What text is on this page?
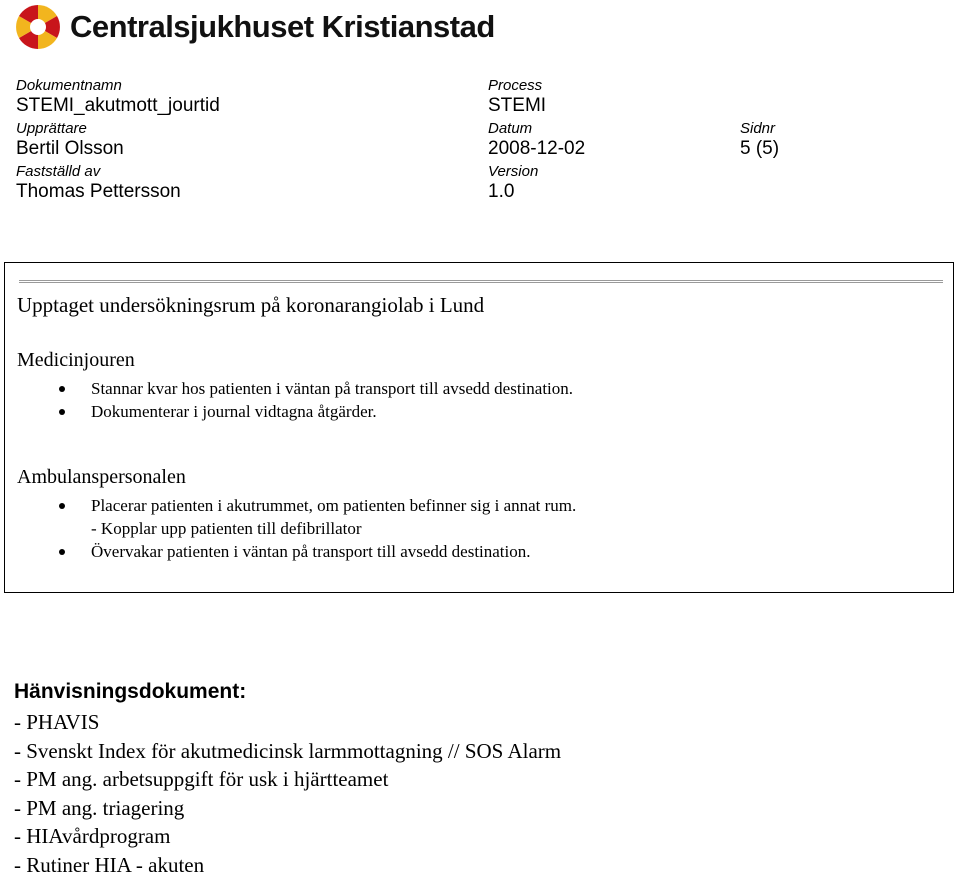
Centralsjukhuset Kristianstad
Dokumentnamn
STEMI_akutmott_jourtid
Process
STEMI
Upprättare
Bertil Olsson
Datum
2008-12-02
Sidnr
5 (5)
Fastställd av
Thomas Pettersson
Version
1.0
Upptaget undersökningsrum på koronarangiolab i Lund
Medicinjouren
Stannar kvar hos patienten i väntan på transport till avsedd destination.
Dokumenterar i journal vidtagna åtgärder.
Ambulanspersonalen
Placerar patienten i akutrummet, om patienten befinner sig i annat rum.
- Kopplar upp patienten till defibrillator
Övervakar patienten i väntan på transport till avsedd destination.
Hänvisningsdokument:
- PHAVIS
- Svenskt Index för akutmedicinsk larmmottagning // SOS Alarm
- PM ang. arbetsuppgift för usk i hjärtteamet
- PM ang. triagering
- HIAvårdprogram
- Rutiner HIA - akuten
